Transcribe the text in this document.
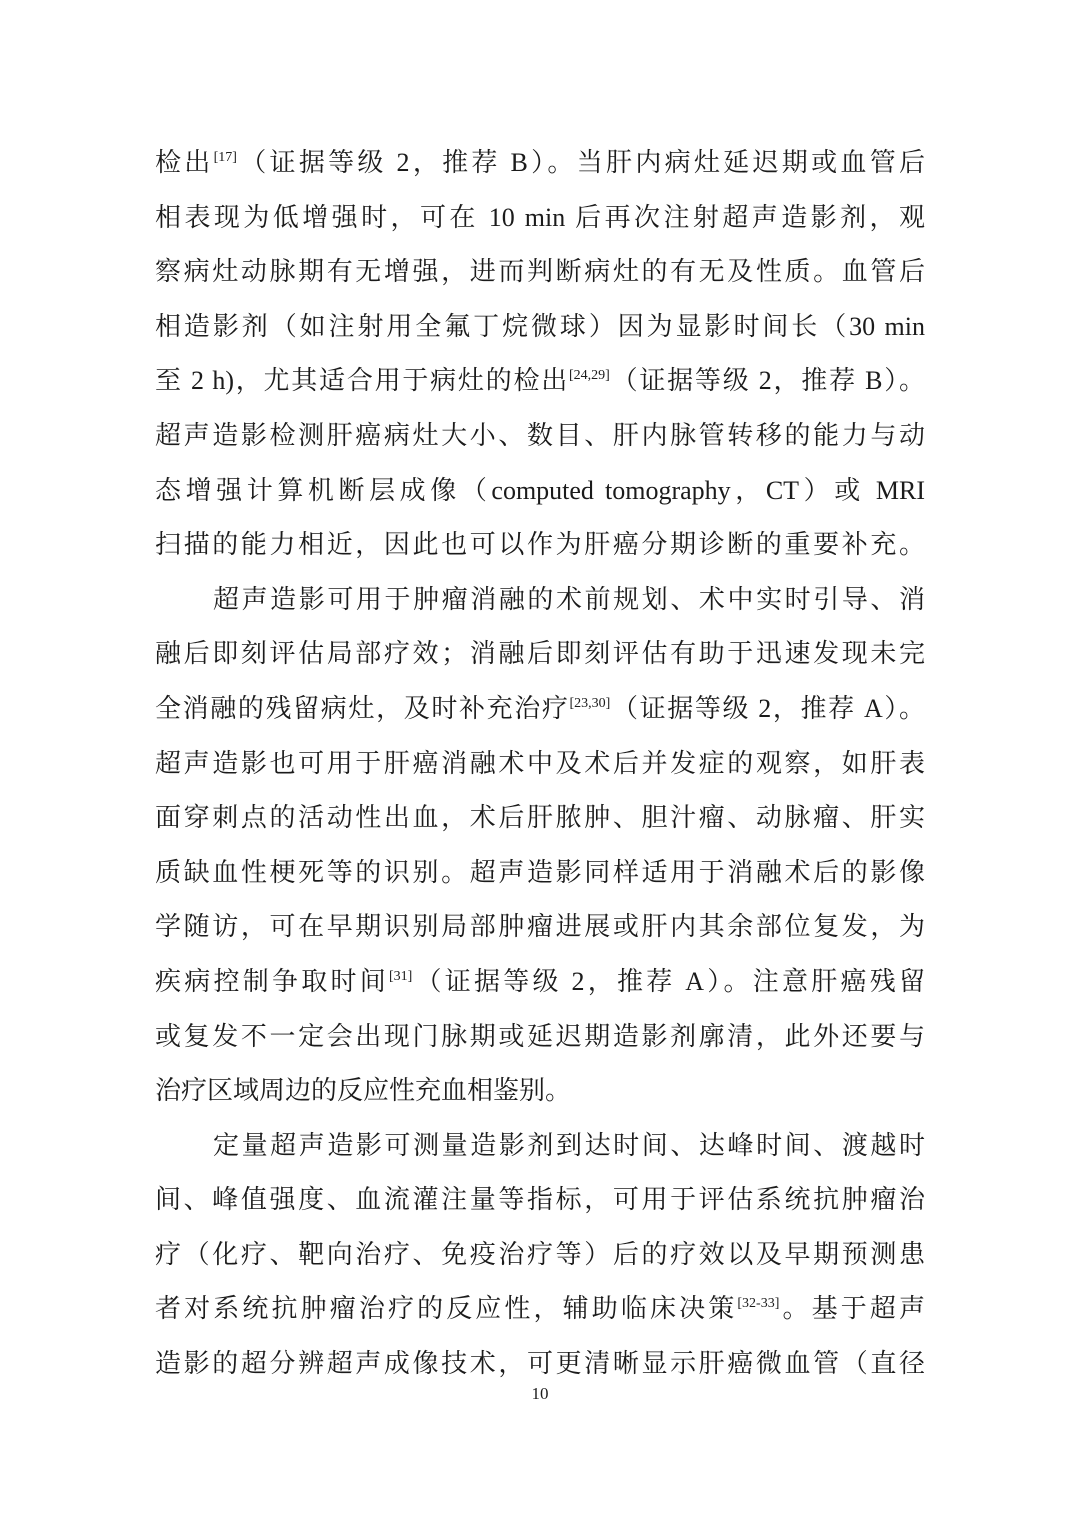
检出[17]（证据等级 2，推荐 B）。当肝内病灶延迟期或血管后
相表现为低增强时，可在 10 min 后再次注射超声造影剂，观
察病灶动脉期有无增强，进而判断病灶的有无及性质。血管后
相造影剂（如注射用全氟丁烷微球）因为显影时间长（30 min
至 2 h)，尤其适合用于病灶的检出[24,29]（证据等级 2，推荐 B）。
超声造影检测肝癌病灶大小、数目、肝内脉管转移的能力与动
态增强计算机断层成像（computed tomography，CT）或 MRI
扫描的能力相近，因此也可以作为肝癌分期诊断的重要补充。
超声造影可用于肿瘤消融的术前规划、术中实时引导、消
融后即刻评估局部疗效；消融后即刻评估有助于迅速发现未完
全消融的残留病灶，及时补充治疗[23,30]（证据等级 2，推荐 A）。
超声造影也可用于肝癌消融术中及术后并发症的观察，如肝表
面穿刺点的活动性出血，术后肝脓肿、胆汁瘤、动脉瘤、肝实
质缺血性梗死等的识别。超声造影同样适用于消融术后的影像
学随访，可在早期识别局部肿瘤进展或肝内其余部位复发，为
疾病控制争取时间[31]（证据等级 2，推荐 A）。注意肝癌残留
或复发不一定会出现门脉期或延迟期造影剂廓清，此外还要与
治疗区域周边的反应性充血相鉴别。
定量超声造影可测量造影剂到达时间、达峰时间、渡越时
间、峰值强度、血流灌注量等指标，可用于评估系统抗肿瘤治
疗（化疗、靶向治疗、免疫治疗等）后的疗效以及早期预测患
者对系统抗肿瘤治疗的反应性，辅助临床决策[32-33]。基于超声
造影的超分辨超声成像技术，可更清晰显示肝癌微血管（直径
10
